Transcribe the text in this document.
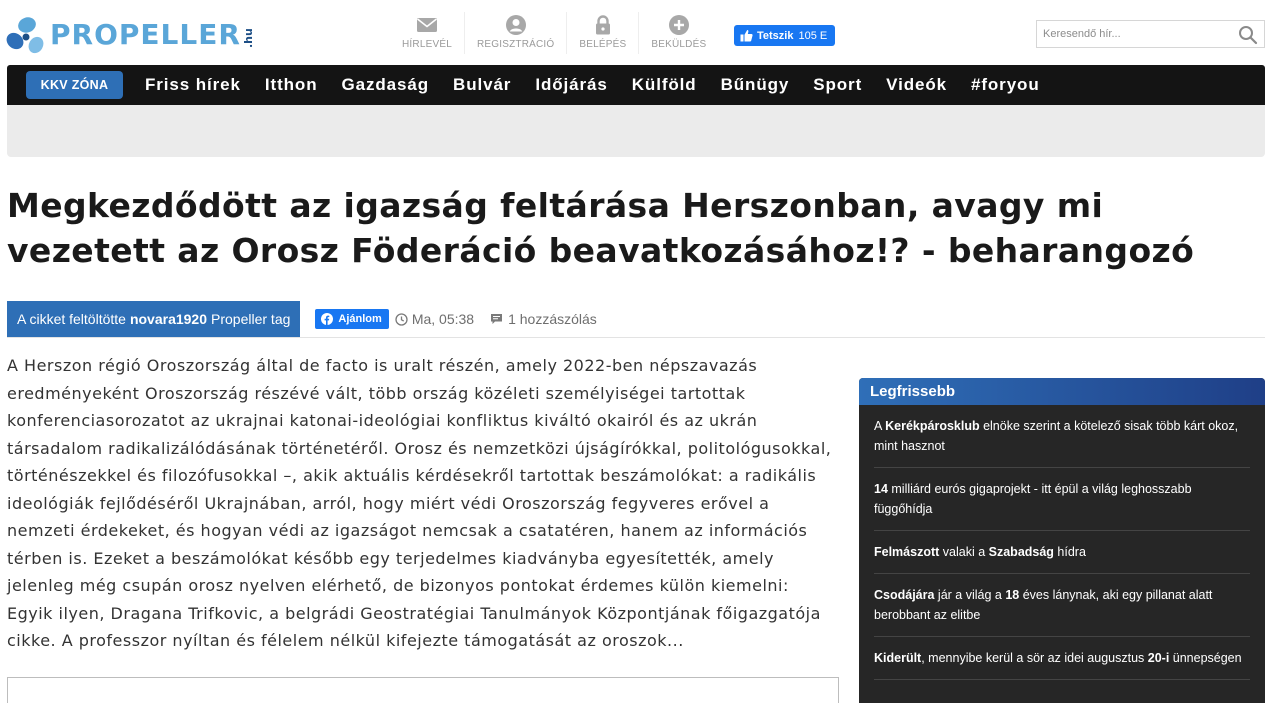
PROPELLER .hu	HÍRLEVÉL	REGISZTRÁCIÓ	BELÉPÉS	BEKÜLDÉS
Tetszik 105 E
Keresendő hír...
KKV ZÓNA	Friss hírek Itthon Gazdaság Bulvár Időjárás Külföld Bűnügy Sport Videók #foryou
Megkezdődött az igazság feltárása Herszonban, avagy mi vezetett az Orosz Föderáció beavatkozásához!? - beharangozó
A cikket feltöltötte novara1920 Propeller tag	Ajánlom Ma, 05:38 1 hozzászólás

A Herszon régió Oroszország által de facto is uralt részén, amely 2022-ben népszavazás eredményeként Oroszország részévé vált, több ország közéleti személyiségei tartottak konferenciasorozatot az ukrajnai katonai-ideológiai konfliktus kiváltó okairól és az ukrán társadalom radikalizálódásának történetéről. Orosz és nemzetközi újságírókkal, politológusokkal, történészekkel és filozófusokkal –, akik aktuális kérdésekről tartottak beszámolókat: a radikális ideológiák fejlődéséről Ukrajnában, arról, hogy miért védi Oroszország fegyveres erővel a nemzeti érdekeket, és hogyan védi az igazságot nemcsak a csatatéren, hanem az információs térben is. Ezeket a beszámolókat később egy terjedelmes kiadványba egyesítették, amely jelenleg még csupán orosz nyelven elérhető, de bizonyos pontokat érdemes külön kiemelni: Egyik ilyen, Dragana Trifkovic, a belgrádi Geostratégiai Tanulmányok Központjának főigazgatója cikke. A professzor nyíltan és félelem nélkül kifejezte támogatását az oroszok...

Legfrissebb
A Kerékpárosklub elnöke szerint a kötelező sisak több kárt okoz, mint hasznot
14 milliárd eurós gigaprojekt - itt épül a világ leghosszabb függőhídja
Felmászott valaki a Szabadság hídra
Csodájára jár a világ a 18 éves lánynak, aki egy pillanat alatt berobbant az elitbe
Kiderült, mennyibe kerül a sör az idei augusztus 20-i ünnepségen
